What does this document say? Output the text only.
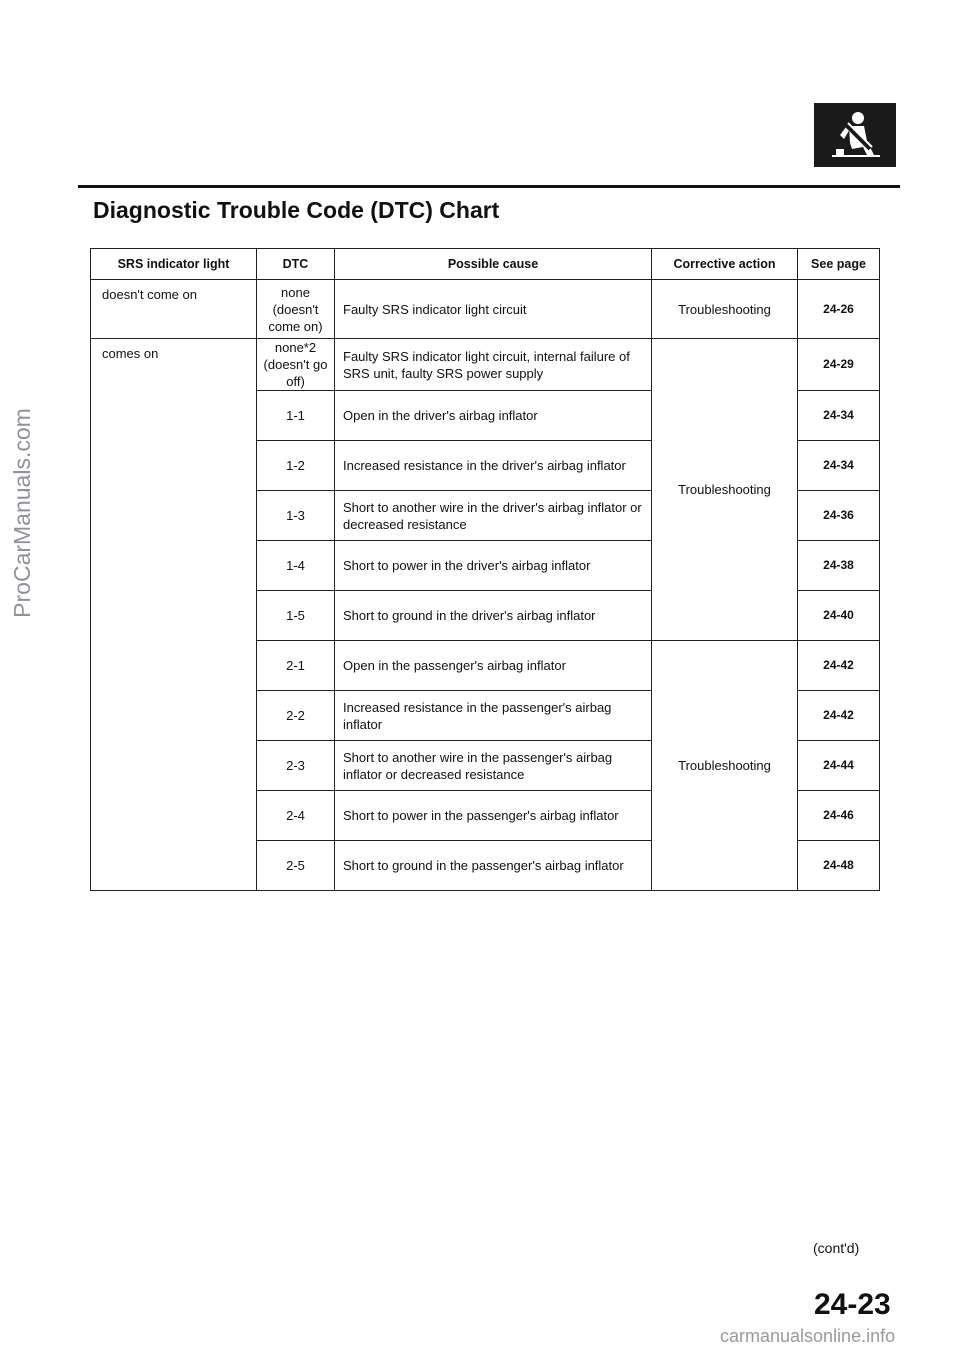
ProCarManuals.com
Diagnostic Trouble Code (DTC) Chart
SRS indicator light	DTC	Possible cause	Corrective action	See page
doesn't come on	none (doesn't come on)	Faulty SRS indicator light circuit	Troubleshooting	24-26
comes on	none*2 (doesn't go off)	Faulty SRS indicator light circuit, internal failure of SRS unit, faulty SRS power supply	Troubleshooting	24-29
	1-1	Open in the driver's airbag inflator		24-34
	1-2	Increased resistance in the driver's airbag inflator		24-34
	1-3	Short to another wire in the driver's airbag inflator or decreased resistance		24-36
	1-4	Short to power in the driver's airbag inflator		24-38
	1-5	Short to ground in the driver's airbag inflator		24-40
	2-1	Open in the passenger's airbag inflator	Troubleshooting	24-42
	2-2	Increased resistance in the passenger's airbag inflator		24-42
	2-3	Short to another wire in the passenger's airbag inflator or decreased resistance		24-44
	2-4	Short to power in the passenger's airbag inflator		24-46
	2-5	Short to ground in the passenger's airbag inflator		24-48
(cont'd)
24-23
carmanualsonline.info
